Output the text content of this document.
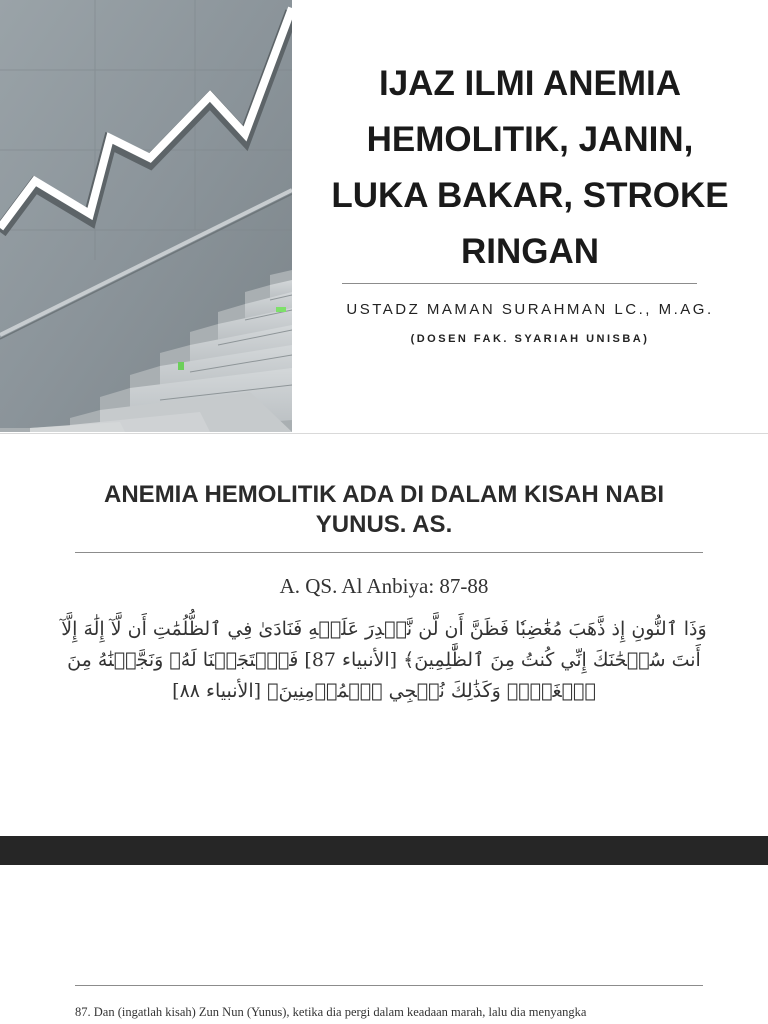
IJAZ ILMI ANEMIA HEMOLITIK, JANIN, LUKA BAKAR, STROKE RINGAN

USTADZ MAMAN SURAHMAN LC., M.AG.

(DOSEN FAK. SYARIAH UNISBA)

ANEMIA HEMOLITIK ADA DI DALAM KISAH NABI YUNUS. AS.

A. QS. Al Anbiya: 87-88

وَذَا ٱلنُّونِ إِذ ذَّهَبَ مُغَٰضِبٗا فَظَنَّ أَن لَّن نَّقۡدِرَ عَلَيۡهِ فَنَادَىٰ فِي ٱلظُّلُمَٰتِ أَن لَّآ إِلَٰهَ إِلَّآ أَنتَ سُبۡحَٰنَكَ إِنِّي كُنتُ مِنَ ٱلظَّٰلِمِينَ﴾ [الأنبياء 87] فَٱسۡتَجَبۡنَا لَهُۥ وَنَجَّيۡنَٰهُ مِنَ ٱلۡغَمِّۚ وَكَذَٰلِكَ نُـۨجِي ٱلۡمُؤۡمِنِينَ﴾ [الأنبياء ٨٨]

87. Dan (ingatlah kisah) Zun Nun (Yunus), ketika dia pergi dalam keadaan marah, lalu dia menyangka
